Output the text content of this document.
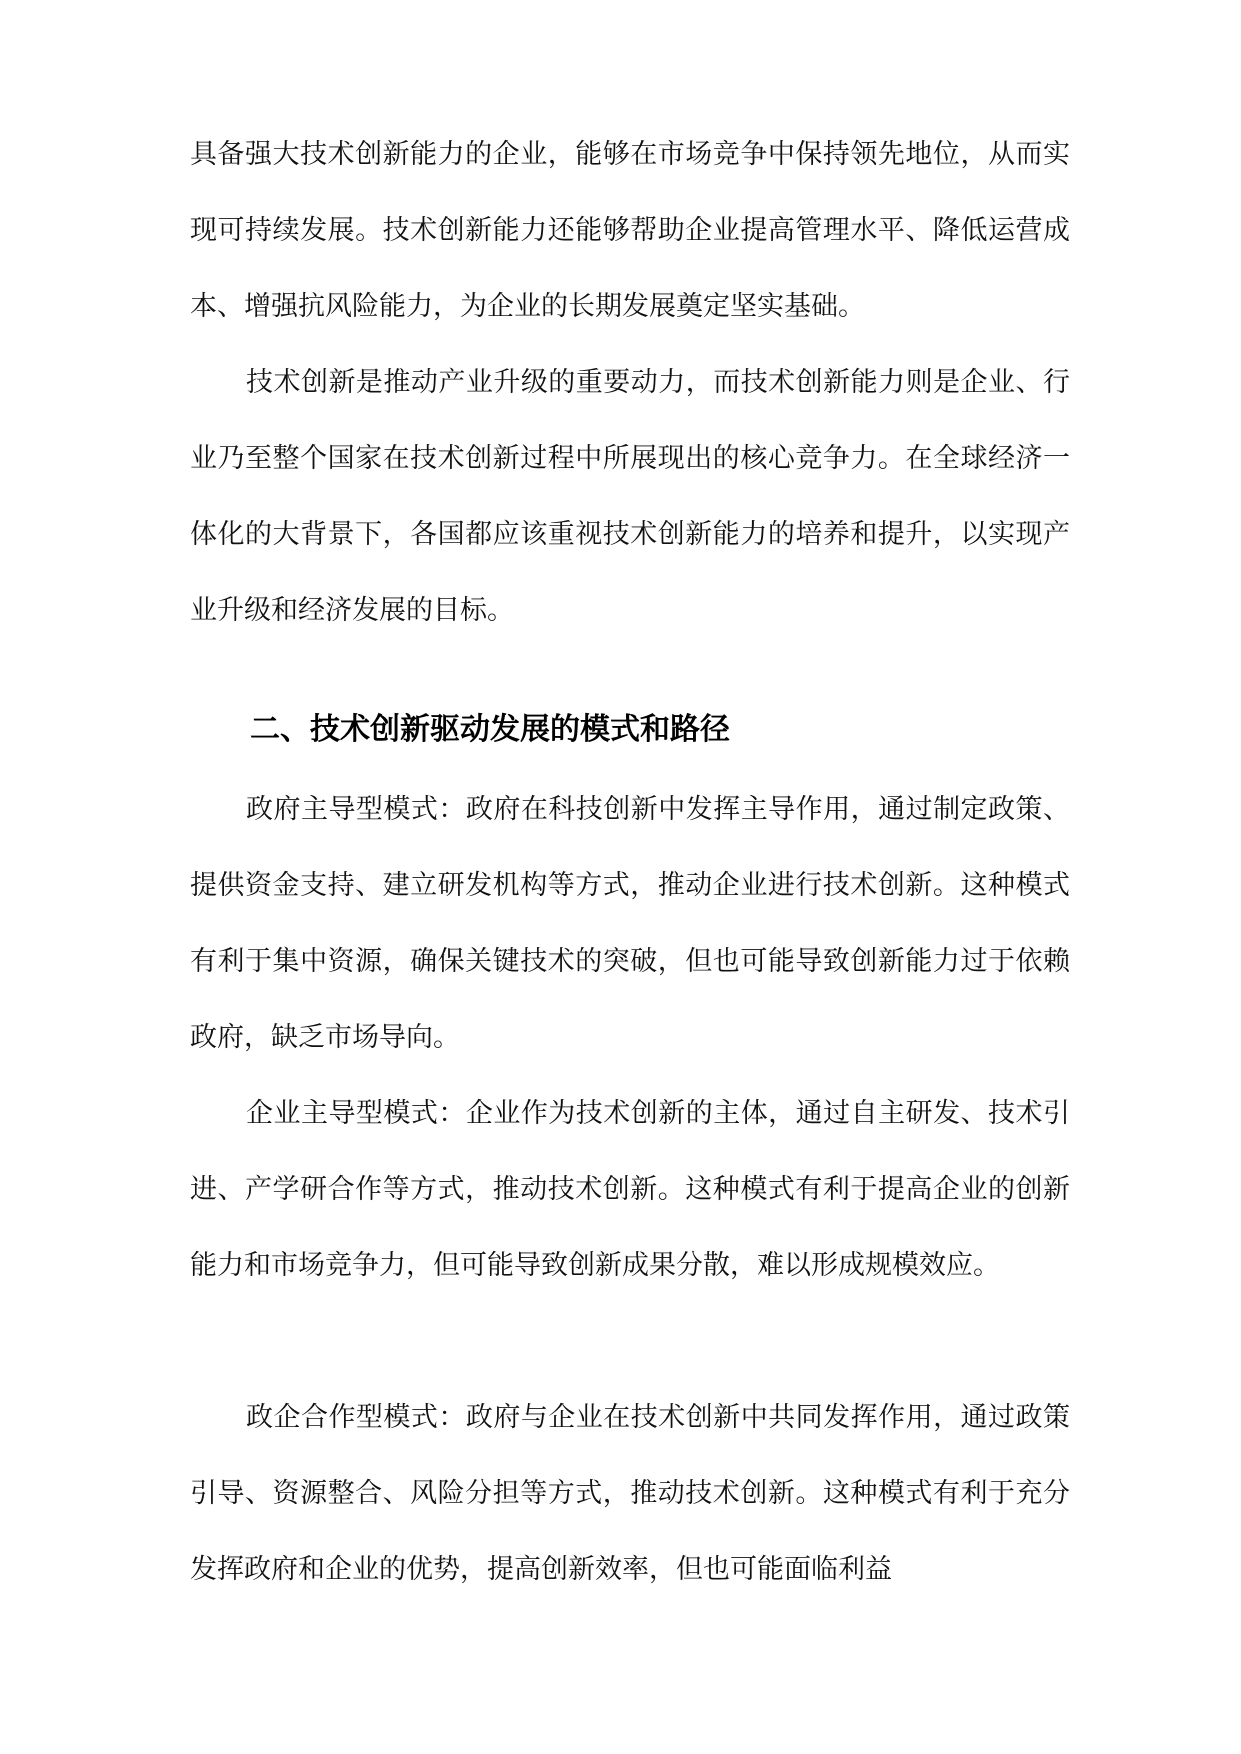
具备强大技术创新能力的企业，能够在市场竞争中保持领先地位，从而实现可持续发展。技术创新能力还能够帮助企业提高管理水平、降低运营成本、增强抗风险能力，为企业的长期发展奠定坚实基础。

技术创新是推动产业升级的重要动力，而技术创新能力则是企业、行业乃至整个国家在技术创新过程中所展现出的核心竞争力。在全球经济一体化的大背景下，各国都应该重视技术创新能力的培养和提升，以实现产业升级和经济发展的目标。

二、技术创新驱动发展的模式和路径

政府主导型模式：政府在科技创新中发挥主导作用，通过制定政策、提供资金支持、建立研发机构等方式，推动企业进行技术创新。这种模式有利于集中资源，确保关键技术的突破，但也可能导致创新能力过于依赖政府，缺乏市场导向。

企业主导型模式：企业作为技术创新的主体，通过自主研发、技术引进、产学研合作等方式，推动技术创新。这种模式有利于提高企业的创新能力和市场竞争力，但可能导致创新成果分散，难以形成规模效应。

政企合作型模式：政府与企业在技术创新中共同发挥作用，通过政策引导、资源整合、风险分担等方式，推动技术创新。这种模式有利于充分发挥政府和企业的优势，提高创新效率，但也可能面临利益
